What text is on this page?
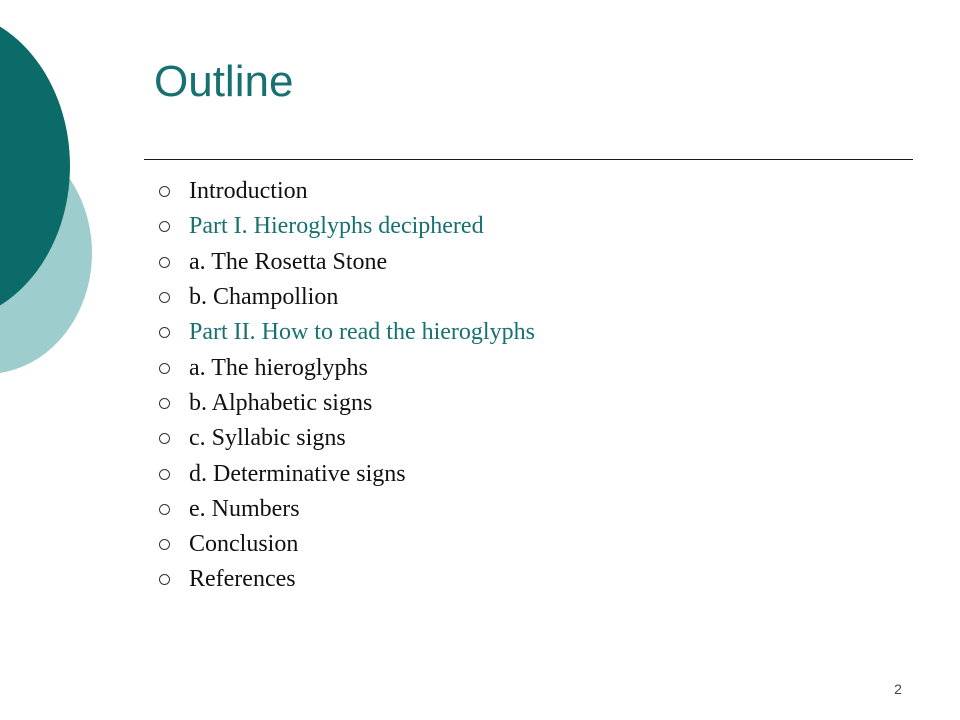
Outline
Introduction
Part I. Hieroglyphs deciphered
a. The Rosetta Stone
b. Champollion
Part II. How to read the hieroglyphs
a. The hieroglyphs
b. Alphabetic signs
c. Syllabic signs
d. Determinative signs
e. Numbers
Conclusion
References
2
